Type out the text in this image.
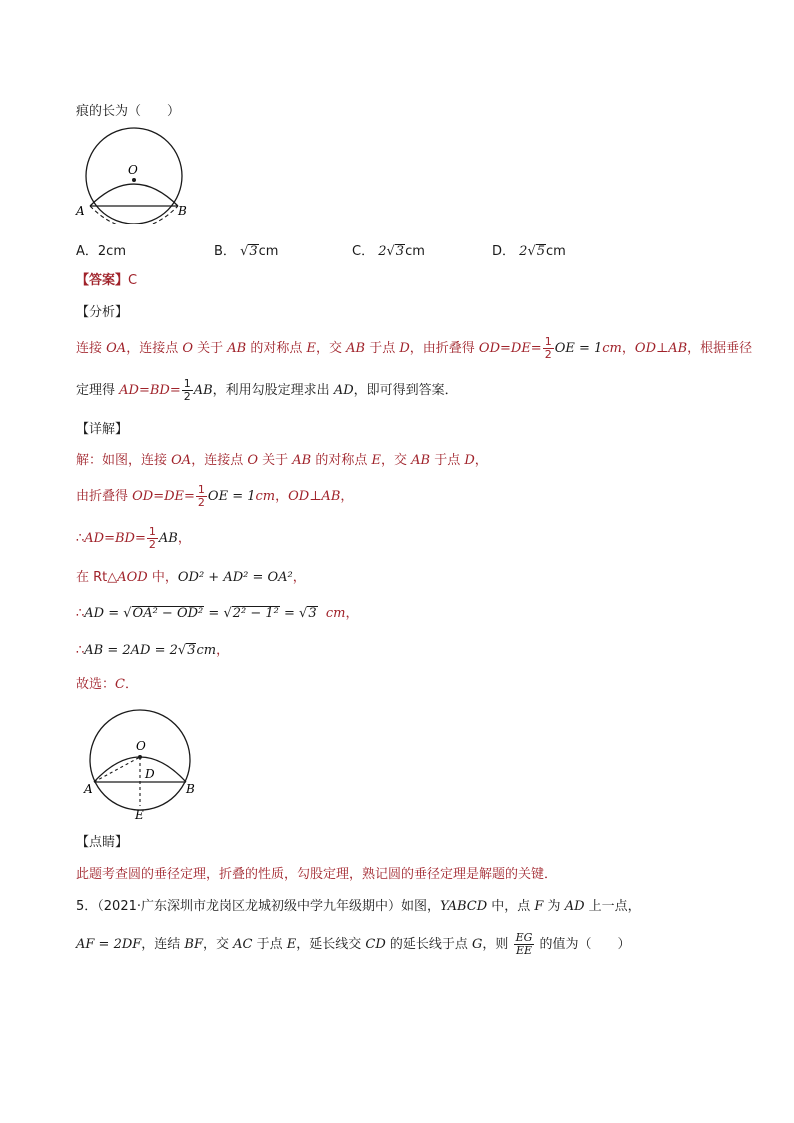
痕的长为（　　）
O
A	B
A．2cm	B． √3cm	C． 2√3cm	D． 2√5cm
【答案】C
【分析】
连接 OA，连接点 O 关于 AB 的对称点 E，交 AB 于点 D，由折叠得 $OD=DE= \frac{1}{2}$ OE = 1cm，OD⊥AB，根据垂径
定理得 $AD=BD= \frac{1}{2}$ AB，利用勾股定理求出 AD，即可得到答案．
【详解】
解：如图，连接 OA，连接点 O 关于 AB 的对称点 E，交 AB 于点 D，
由折叠得 $OD=DE= \frac{1}{2}$ OE = 1cm，OD⊥AB，
∴AD=BD= $\frac{1}{2}$ AB，
在 Rt△AOD 中，OD² + AD² = OA²，
∴AD = √OA² − OD² = √2² − 1² = √3 cm，
∴AB = 2AD = 2√3cm，
故选：C．
O
D
A	B
E
【点睛】
此题考查圆的垂径定理，折叠的性质，勾股定理，熟记圆的垂径定理是解题的关键．
5．（2021·广东深圳市龙岗区龙城初级中学九年级期中）如图，YABCD 中，点 F 为 AD 上一点，
AF = 2DF，连结 BF，交 AC 于点 E，延长线交 CD 的延长线于点 G，则 $\frac{EG}{EE}$ 的值为（　　）
